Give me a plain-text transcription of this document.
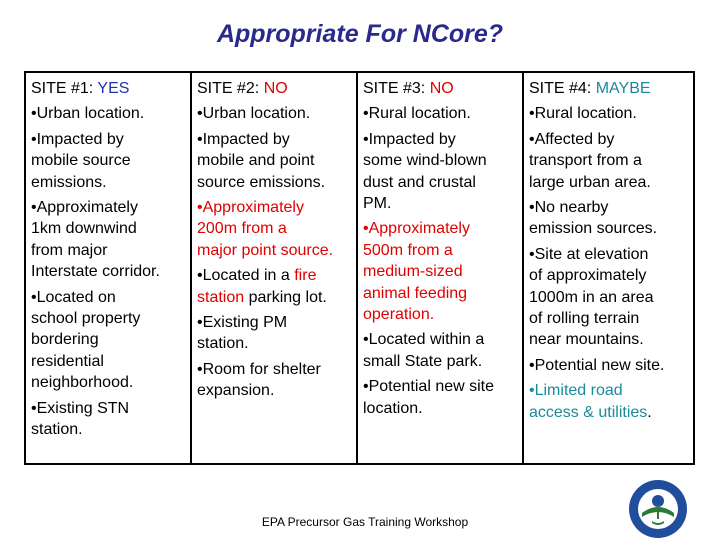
Appropriate For NCore?
SITE #1: YES
•Urban location.
•Impacted by
mobile source
emissions.
•Approximately
1km downwind
from major
Interstate corridor.
•Located on
school property
bordering
residential
neighborhood.
•Existing STN
station.

SITE #2: NO
•Urban location.
•Impacted by
mobile and point
source emissions.
•Approximately
200m from a
major point source.
•Located in a fire
station parking lot.
•Existing PM
station.
•Room for shelter
expansion.

SITE #3: NO
•Rural location.
•Impacted by
some wind-blown
dust and crustal
PM.
•Approximately
500m from a
medium-sized
animal feeding
operation.
•Located within a
small State park.
•Potential new site
location.

SITE #4: MAYBE
•Rural location.
•Affected by
transport from a
large urban area.
•No nearby
emission sources.
•Site at elevation
of approximately
1000m in an area
of rolling terrain
near mountains.
•Potential new site.
•Limited road
access & utilities.
EPA Precursor Gas Training Workshop
